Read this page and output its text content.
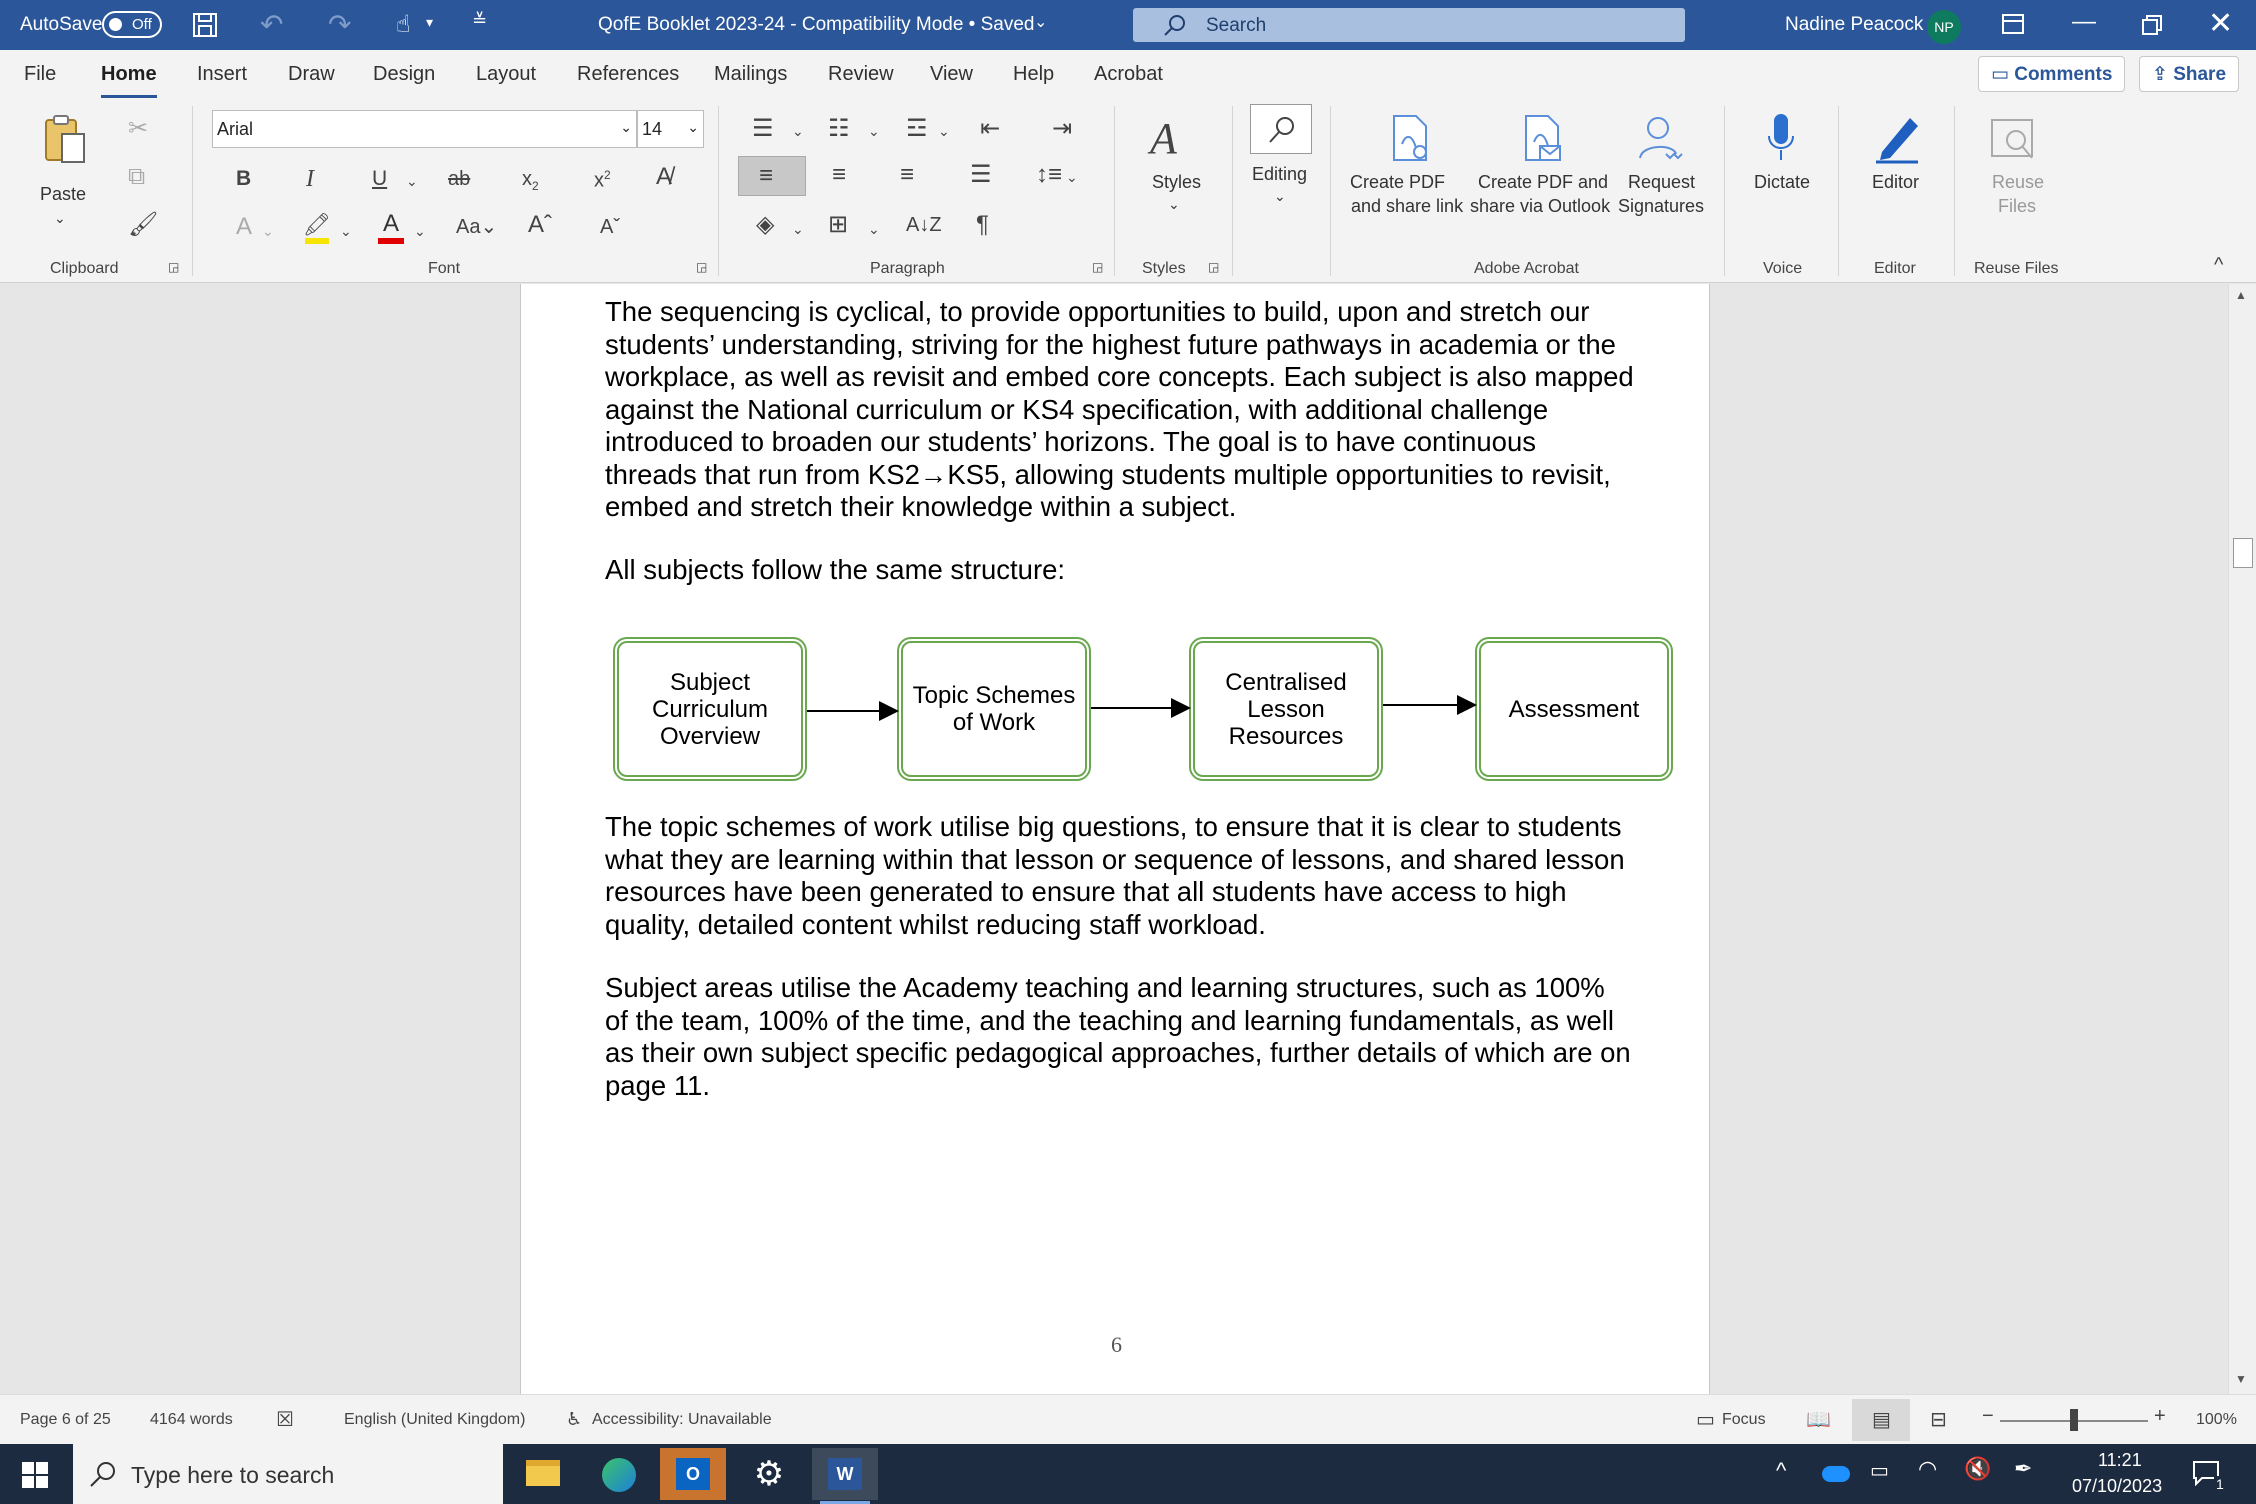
AutoSave Off	↶ ↷ ☝ ▾ ≚	QofE Booklet 2023-24 - Compatibility Mode • Saved ⌄	Search	Nadine Peacock NP	—	✕
File Home Insert Draw Design Layout References Mailings Review View Help Acrobat	▭ Comments	⇪ Share
Paste
⌄
✂
⧉
🖌
Clipboard	◲
Arial	⌄ 14 ⌄
B I	U ⌄ ab	$x_2$	$x^2$ A̸
A ⌄ 🖍 ⌄ A	⌄ Aa⌄ Aˆ Aˇ
Font	◲
☰ ⌄ ☷ ⌄ ☲ ⌄ ⇤ ⇥
≡ ≡ ≡ ☰ ↕≡ ⌄
◈ ⌄ ⊞ ⌄ A↓Z ¶
Paragraph	◲
A
Styles
⌄
Styles ◲
Editing
⌄
Create PDF
and share link
Create PDF and
share via Outlook
Request
Signatures
Adobe Acrobat
Dictate
Voice
Editor
Editor
Reuse
Files
Reuse Files	^

The sequencing is cyclical, to provide opportunities to build, upon and stretch our students’ understanding, striving for the highest future pathways in academia or the workplace, as well as revisit and embed core concepts. Each subject is also mapped against the National curriculum or KS4 specification, with additional challenge introduced to broaden our students’ horizons. The goal is to have continuous threads that run from KS2→KS5, allowing students multiple opportunities to revisit, embed and stretch their knowledge within a subject.

All subjects follow the same structure:

Subject Curriculum Overview
Topic Schemes of Work
Centralised Lesson Resources
Assessment

The topic schemes of work utilise big questions, to ensure that it is clear to students what they are learning within that lesson or sequence of lessons, and shared lesson resources have been generated to ensure that all students have access to high quality, detailed content whilst reducing staff workload.

Subject areas utilise the Academy teaching and learning structures, such as 100% of the team, 100% of the time, and the teaching and learning fundamentals, as well as their own subject specific pedagogical approaches, further details of which are on page 11.

6
▲
▼
Page 6 of 25 4164 words ☒	English (United Kingdom) ♿ Accessibility: Unavailable	▭ Focus 📖 ▤ ⊟ −	+ 100%
Type here to search	O	⚙	W	^	▭ ◠ 🔇 ✒	11:21
07/10/2023	1
